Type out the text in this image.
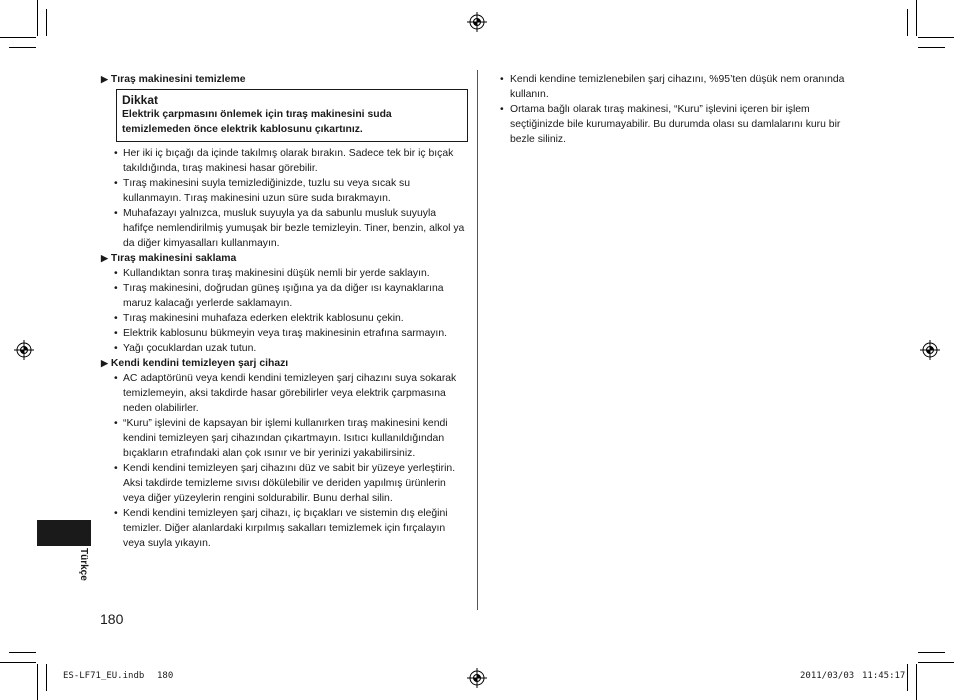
▶ Tıraş makinesini temizleme
Dikkat
Elektrik çarpmasını önlemek için tıraş makinesini suda temizlemeden önce elektrik kablosunu çıkartınız.
• Her iki iç bıçağı da içinde takılmış olarak bırakın. Sadece tek bir iç bıçak takıldığında, tıraş makinesi hasar görebilir.
• Tıraş makinesini suyla temizlediğinizde, tuzlu su veya sıcak su kullanmayın. Tıraş makinesini uzun süre suda bırakmayın.
• Muhafazayı yalnızca, musluk suyuyla ya da sabunlu musluk suyuyla hafifçe nemlendirilmiş yumuşak bir bezle temizleyin. Tiner, benzin, alkol ya da diğer kimyasalları kullanmayın.
▶ Tıraş makinesini saklama
• Kullandıktan sonra tıraş makinesini düşük nemli bir yerde saklayın.
• Tıraş makinesini, doğrudan güneş ışığına ya da diğer ısı kaynaklarına maruz kalacağı yerlerde saklamayın.
• Tıraş makinesini muhafaza ederken elektrik kablosunu çekin.
• Elektrik kablosunu bükmeyin veya tıraş makinesinin etrafına sarmayın.
• Yağı çocuklardan uzak tutun.
▶ Kendi kendini temizleyen şarj cihazı
• AC adaptörünü veya kendi kendini temizleyen şarj cihazını suya sokarak temizlemeyin, aksi takdirde hasar görebilirler veya elektrik çarpmasına neden olabilirler.
• “Kuru” işlevini de kapsayan bir işlemi kullanırken tıraş makinesini kendi kendini temizleyen şarj cihazından çıkartmayın. Isıtıcı kullanıldığından bıçakların etrafındaki alan çok ısınır ve bir yerinizi yakabilirsiniz.
• Kendi kendini temizleyen şarj cihazını düz ve sabit bir yüzeye yerleştirin. Aksi takdirde temizleme sıvısı dökülebilir ve deriden yapılmış ürünlerin veya diğer yüzeylerin rengini soldurabilir. Bunu derhal silin.
• Kendi kendini temizleyen şarj cihazı, iç bıçakları ve sistemin dış eleğini temizler. Diğer alanlardaki kırpılmış sakalları temizlemek için fırçalayın veya suyla yıkayın.
• Kendi kendine temizlenebilen şarj cihazını, %95’ten düşük nem oranında kullanın.
• Ortama bağlı olarak tıraş makinesi, “Kuru” işlevini içeren bir işlem seçtiğinizde bile kurumayabilir. Bu durumda olası su damlalarını kuru bir bezle siliniz.
Türkçe
180
ES-LF71_EU.indb 180	2011/03/03 11:45:17
